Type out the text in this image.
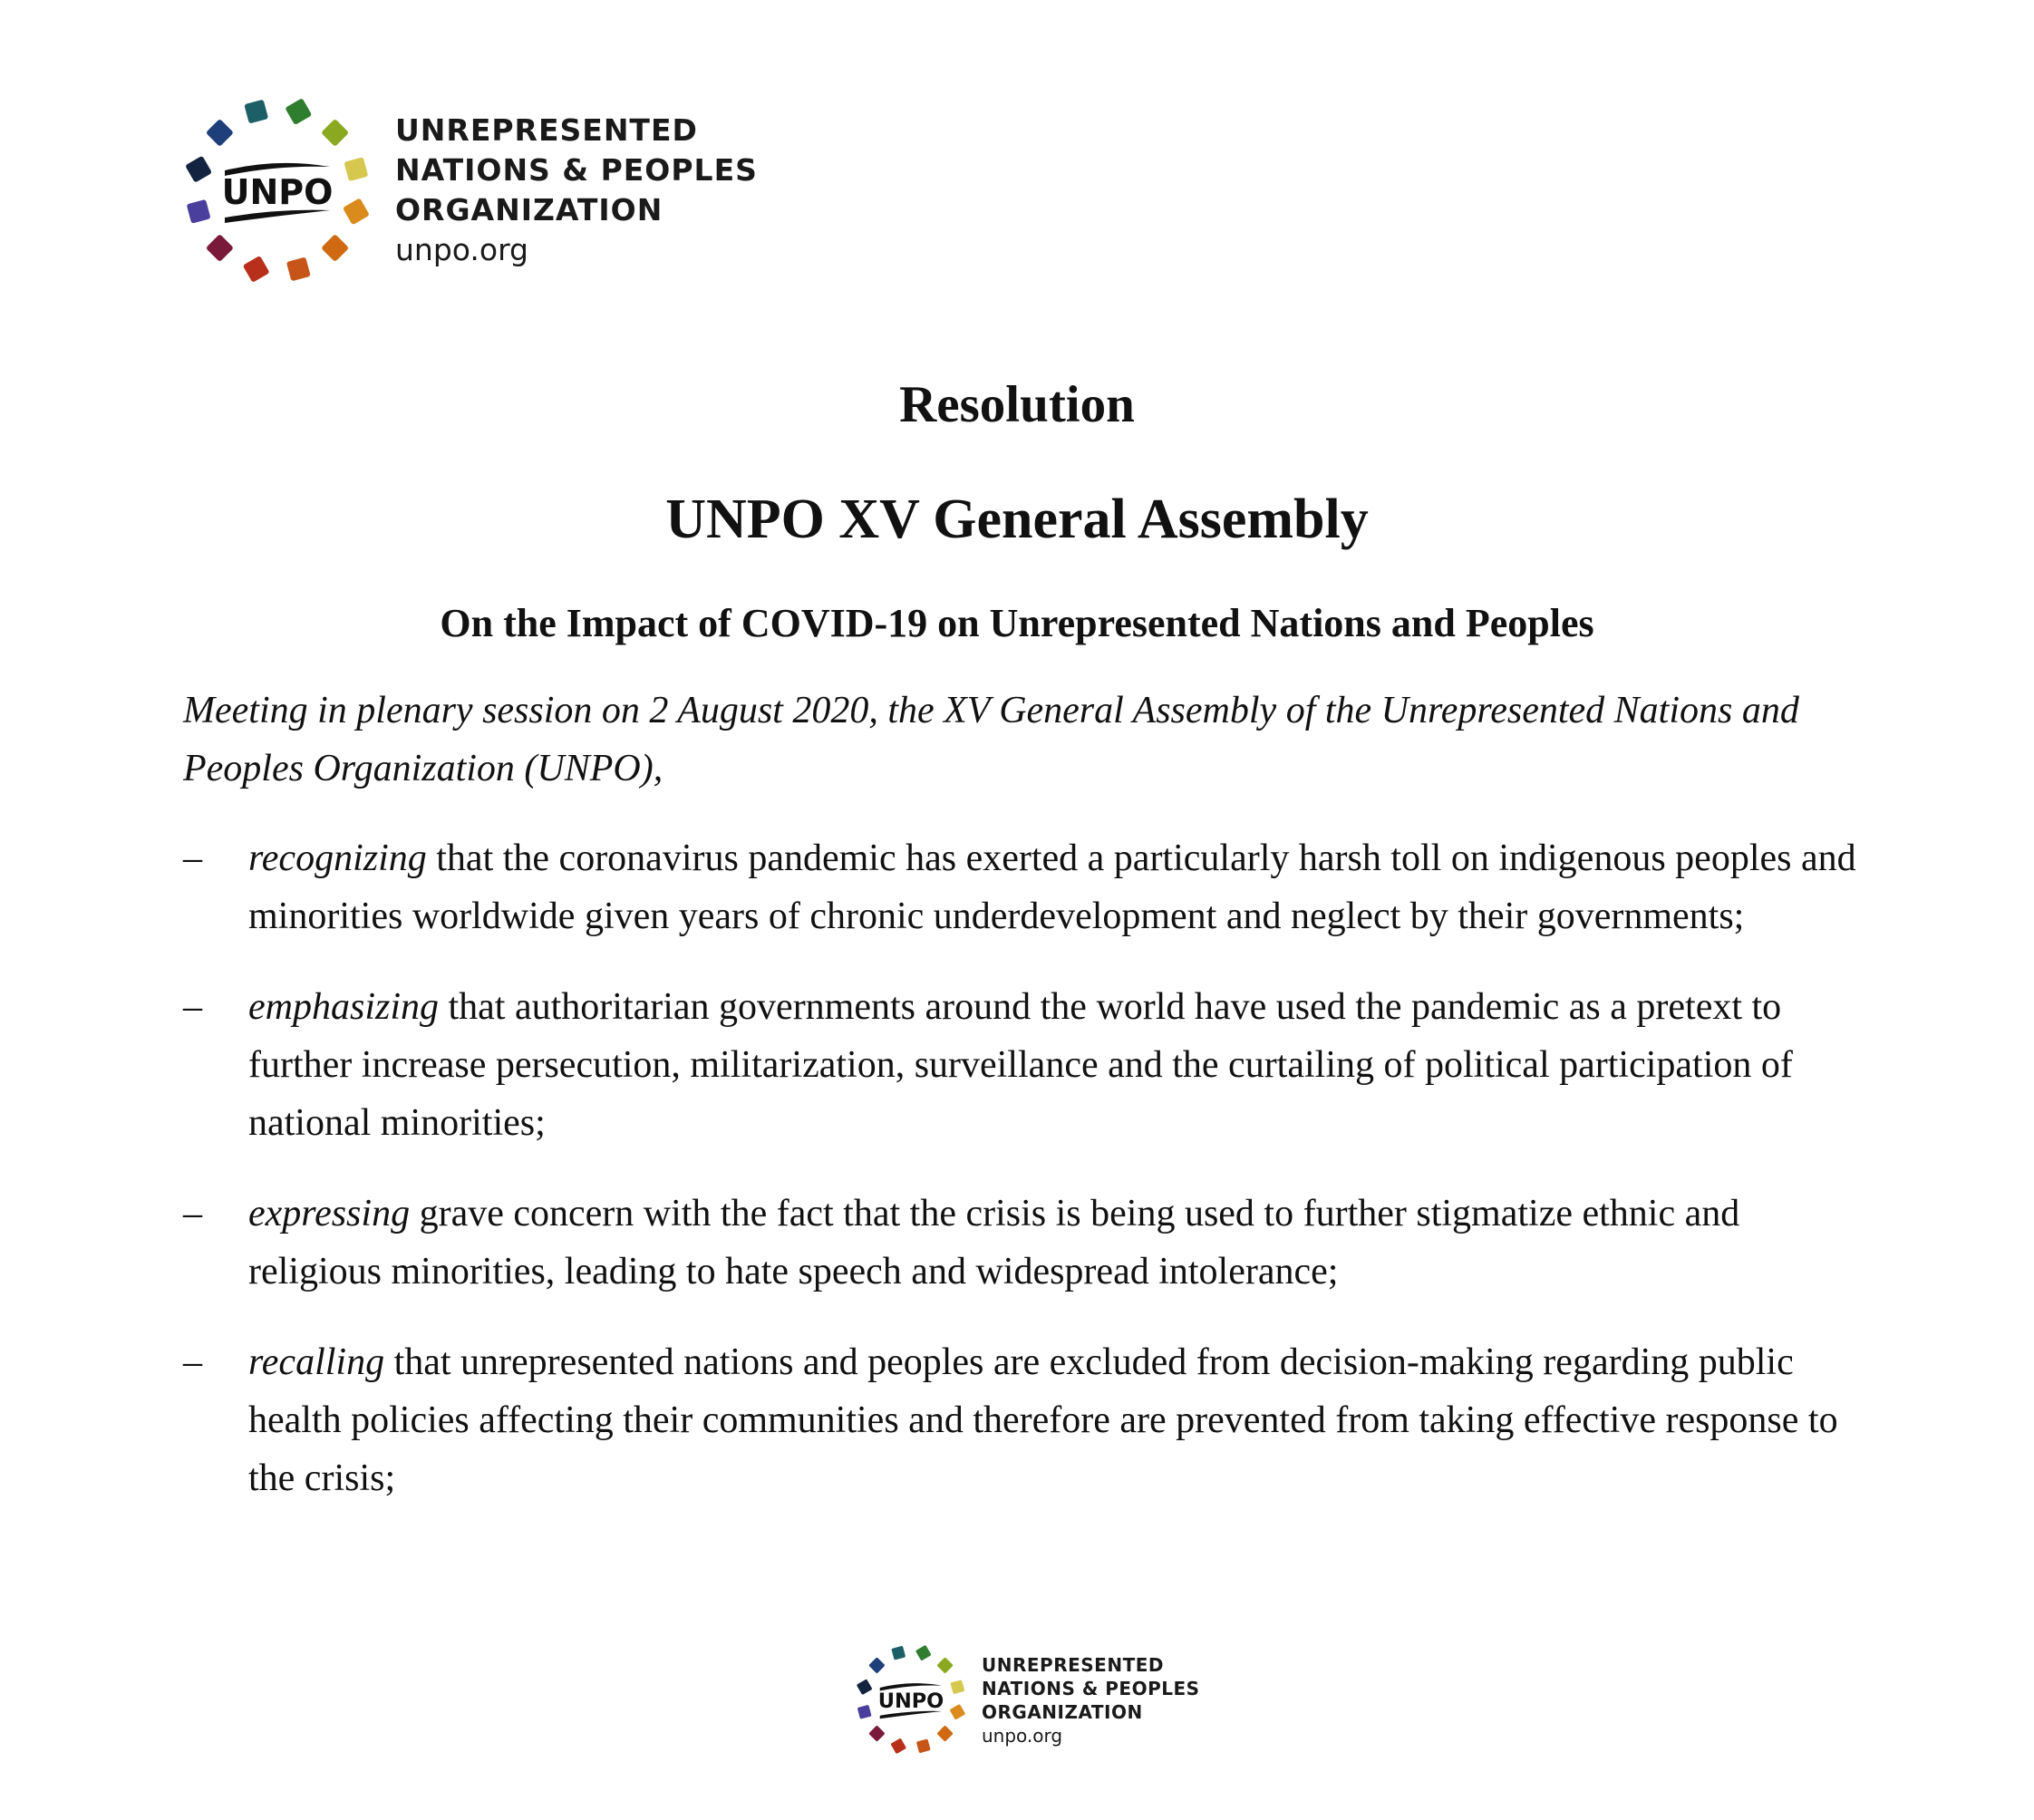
UNPO
UNREPRESENTED
NATIONS & PEOPLES
ORGANIZATION
unpo.org
Resolution
UNPO XV General Assembly
On the Impact of COVID-19 on Unrepresented Nations and Peoples

Meeting in plenary session on 2 August 2020, the XV General Assembly of the Unrepresented Nations and Peoples Organization (UNPO),

– recognizing that the coronavirus pandemic has exerted a particularly harsh toll on indigenous peoples and minorities worldwide given years of chronic underdevelopment and neglect by their governments;
– emphasizing that authoritarian governments around the world have used the pandemic as a pretext to further increase persecution, militarization, surveillance and the curtailing of political participation of national minorities;
– expressing grave concern with the fact that the crisis is being used to further stigmatize ethnic and religious minorities, leading to hate speech and widespread intolerance;
– recalling that unrepresented nations and peoples are excluded from decision-making regarding public health policies affecting their communities and therefore are prevented from taking effective response to the crisis;
UNPO
UNREPRESENTED
NATIONS & PEOPLES
ORGANIZATION
unpo.org
